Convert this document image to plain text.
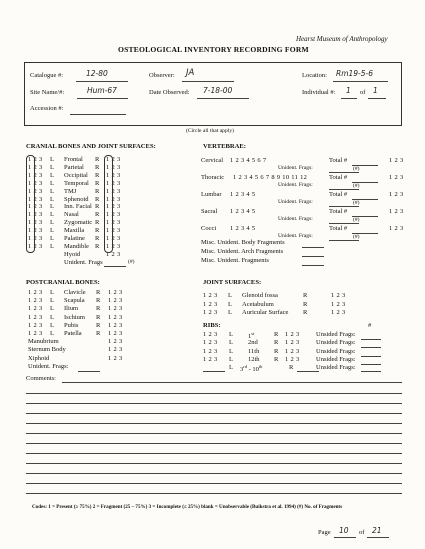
Hearst Museum of Anthropology
OSTEOLOGICAL INVENTORY RECORDING FORM
Catalogue #:	12-80	Observer: JA	Location: Rm19-5-6
Site Name/#:	Hum-67	Date Observed: 7-18-00	Individual #: 1 of 1
Accession #:
(Circle all that apply)
CRANIAL BONES AND JOINT SURFACES:
1 2 3 L Frontal R 1 2 3
1 2 3 L Parietal R 1 2 3
1 2 3 L Occipital R 1 2 3
1 2 3 L Temporal R 1 2 3
1 2 3 L TMJ	R 1 2 3
1 2 3 L Sphenoid R 1 2 3
1 2 3 L Inn. Facial R 1 2 3
1 2 3 L Nasal R 1 2 3
1 2 3 L Zygomatic R 1 2 3
1 2 3 L Maxilla R 1 2 3
1 2 3 L Palatine R 1 2 3
1 2 3 L Mandible R 1 2 3
Hyoid	1 2 3
Unident. Frags	(#)
VERTEBRAE:
Cervical 1 2 3 4 5 6 7	Total #	1 2 3
Unident. Frags:	(#)
Thoracic 1 2 3 4 5 6 7 8 9 10 11 12	Total #	1 2 3
Unident. Frags:	(#)
Lumbar 1 2 3 4 5	Total #	1 2 3
Unident. Frags:	(#)
Sacral 1 2 3 4 5	Total #	1 2 3
Unident. Frags:	(#)
Cocci 1 2 3 4 5	Total #	1 2 3
Unident. Frags:	(#)
Misc. Unident. Body Fragments
Misc. Unident. Arch Fragments
Misc. Unident. Fragments
POSTCRANIAL BONES:
1 2 3 L Clavicle R 1 2 3
1 2 3 L Scapula R 1 2 3
1 2 3 L Ilium	R 1 2 3
1 2 3 L Ischium R 1 2 3
1 2 3 L Pubis	R 1 2 3
1 2 3 L Patella R 1 2 3
Manubrium	1 2 3
Sternum Body	1 2 3
Xiphoid	1 2 3
Unident. Frags:
JOINT SURFACES:
1 2 3 L Glenoid fossa	R	1 2 3
1 2 3 L Acetabulum	R	1 2 3
1 2 3 L Auricular Surface R	1 2 3
RIBS:	#
1 2 3 L 1st	R 1 2 3	Unsided Frags:
1 2 3 L 2nd	R 1 2 3	Unsided Frags:
1 2 3 L 11th R 1 2 3	Unsided Frags:
1 2 3 L 12th R 1 2 3	Unsided Frags:
L 3rd - 10th	R	Unsided Frags:
Comments:
Codes: 1 = Present (≥ 75%) 2 = Fragment (25 – 75%) 3 = Incomplete (≤ 25%) blank = Unobservable (Buikstra et al. 1994) (#) No. of Fragments
Page 10 of 21
